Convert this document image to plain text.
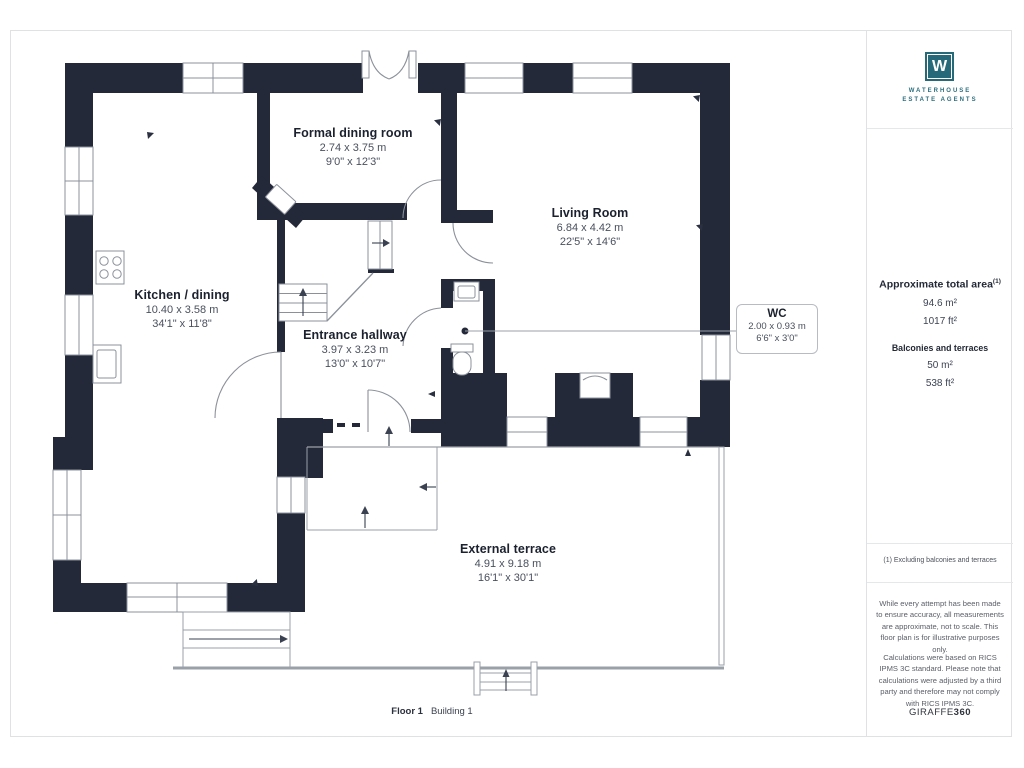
Formal dining room
2.74 x 3.75 m
9'0" x 12'3"
Living Room
6.84 x 4.42 m
22'5" x 14'6"
Kitchen / dining
10.40 x 3.58 m
34'1" x 11'8"
Entrance hallway
3.97 x 3.23 m
13'0" x 10'7"
External terrace
4.91 x 9.18 m
16'1" x 30'1"
WC
2.00 x 0.93 m
6'6" x 3'0"
Floor 1 Building 1
W
WATERHOUSE
ESTATE AGENTS
Approximate total area$^{(1)}$
94.6 m²
1017 ft²
Balconies and terraces
50 m²
538 ft²
(1) Excluding balconies and terraces
While every attempt has been made to ensure accuracy, all measurements are approximate, not to scale. This floor plan is for illustrative purposes only.
Calculations were based on RICS IPMS 3C standard. Please note that calculations were adjusted by a third party and therefore may not comply with RICS IPMS 3C.
GIRAFFE360
